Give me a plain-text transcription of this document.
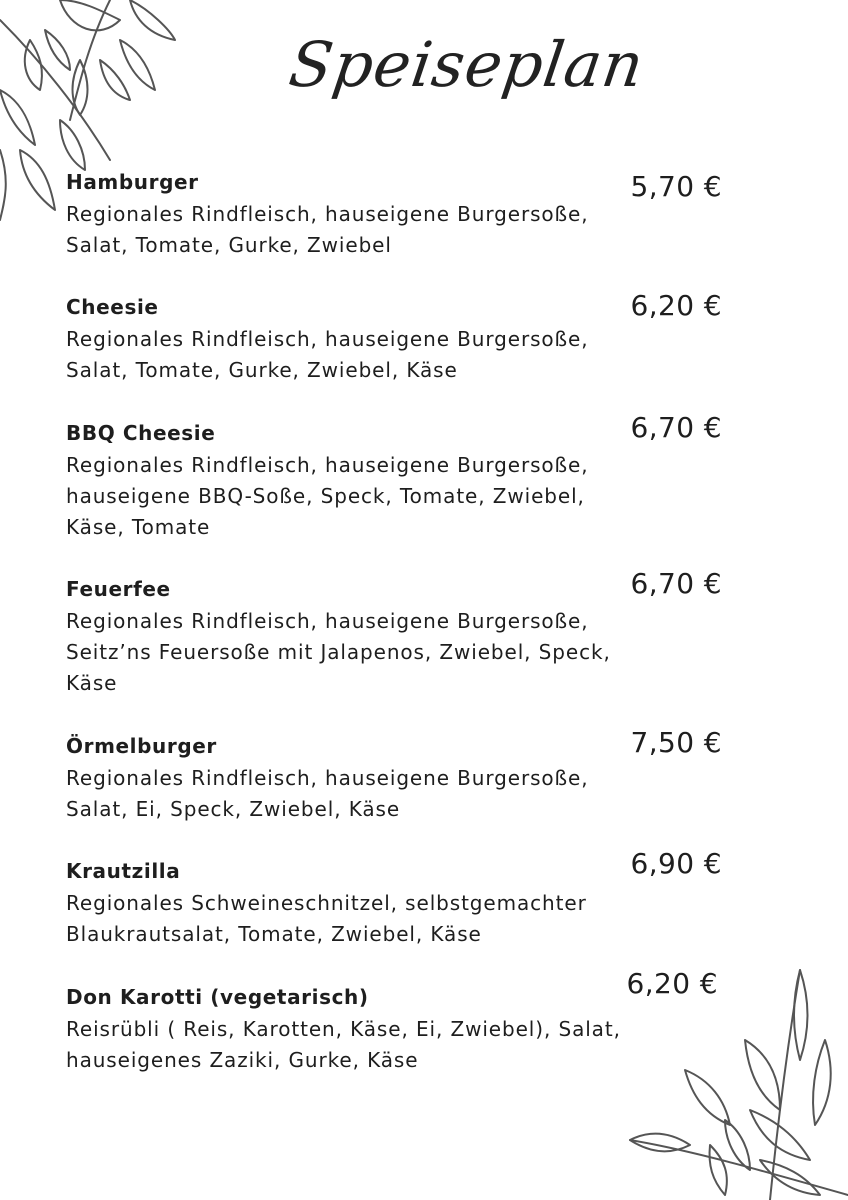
Speiseplan
Hamburger
Regionales Rindfleisch, hauseigene Burgersoße, Salat, Tomate, Gurke, Zwiebel
5,70 €
Cheesie
Regionales Rindfleisch, hauseigene Burgersoße, Salat, Tomate, Gurke, Zwiebel, Käse
6,20 €
BBQ Cheesie
Regionales Rindfleisch, hauseigene Burgersoße, hauseigene BBQ-Soße, Speck, Tomate, Zwiebel, Käse, Tomate
6,70 €
Feuerfee
Regionales Rindfleisch, hauseigene Burgersoße, Seitz’ns Feuersoße mit Jalapenos, Zwiebel, Speck, Käse
6,70 €
Örmelburger
Regionales Rindfleisch, hauseigene Burgersoße, Salat, Ei, Speck, Zwiebel, Käse
7,50 €
Krautzilla
Regionales Schweineschnitzel, selbstgemachter Blaukrautsalat, Tomate, Zwiebel, Käse
6,90 €
Don Karotti (vegetarisch)
Reisrübli ( Reis, Karotten, Käse, Ei, Zwiebel), Salat, hauseigenes Zaziki, Gurke, Käse
6,20 €
